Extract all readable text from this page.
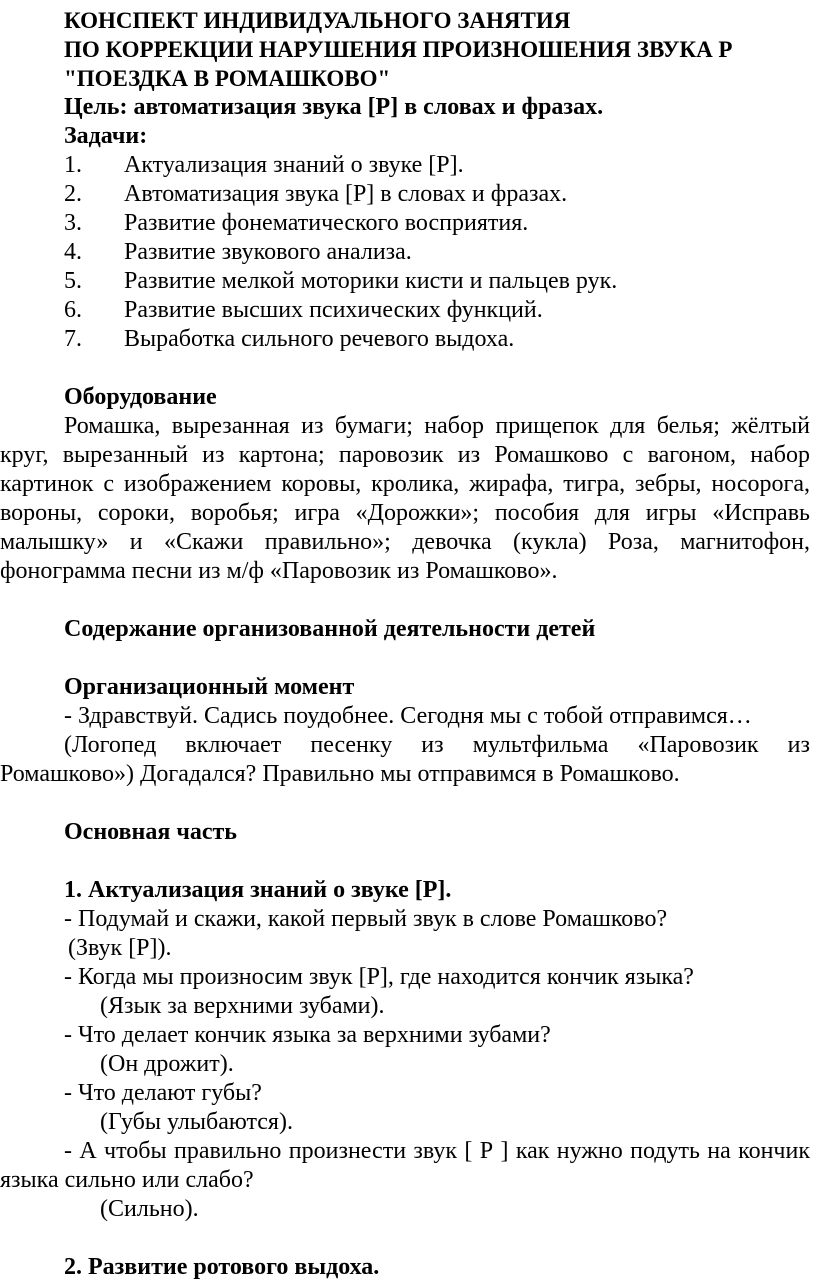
КОНСПЕКТ ИНДИВИДУАЛЬНОГО ЗАНЯТИЯ
ПО КОРРЕКЦИИ НАРУШЕНИЯ ПРОИЗНОШЕНИЯ ЗВУКА Р
"ПОЕЗДКА В РОМАШКОВО"
Цель: автоматизация звука [Р] в словах и фразах.
Задачи:
1.	Актуализация знаний о звуке [Р].
2.	Автоматизация звука [Р] в словах и фразах.
3.	Развитие фонематического восприятия.
4.	Развитие звукового анализа.
5.	Развитие мелкой моторики кисти и пальцев рук.
6.	Развитие высших психических функций.
7.	Выработка сильного речевого выдоха.
Оборудование
Ромашка, вырезанная из бумаги; набор прищепок для белья; жёлтый
круг, вырезанный из картона; паровозик из Ромашково с вагоном, набор
картинок с изображением коровы, кролика, жирафа, тигра, зебры, носорога,
вороны, сороки, воробья; игра «Дорожки»; пособия для игры «Исправь
малышку» и «Скажи правильно»; девочка (кукла) Роза, магнитофон,
фонограмма песни из м/ф «Паровозик из Ромашково».
Содержание организованной деятельности детей
Организационный момент
- Здравствуй. Садись поудобнее. Сегодня мы с тобой отправимся…
(Логопед включает песенку из мультфильма «Паровозик из
Ромашково») Догадался? Правильно мы отправимся в Ромашково.
Основная часть
1. Актуализация знаний о звуке [Р].
- Подумай и скажи, какой первый звук в слове Ромашково?
(Звук [Р]).
- Когда мы произносим звук [Р], где находится кончик языка?
(Язык за верхними зубами).
- Что делает кончик языка за верхними зубами?
(Он дрожит).
- Что делают губы?
(Губы улыбаются).
- А чтобы правильно произнести звук [ Р ] как нужно подуть на кончик
языка сильно или слабо?
(Сильно).
2. Развитие ротового выдоха.
